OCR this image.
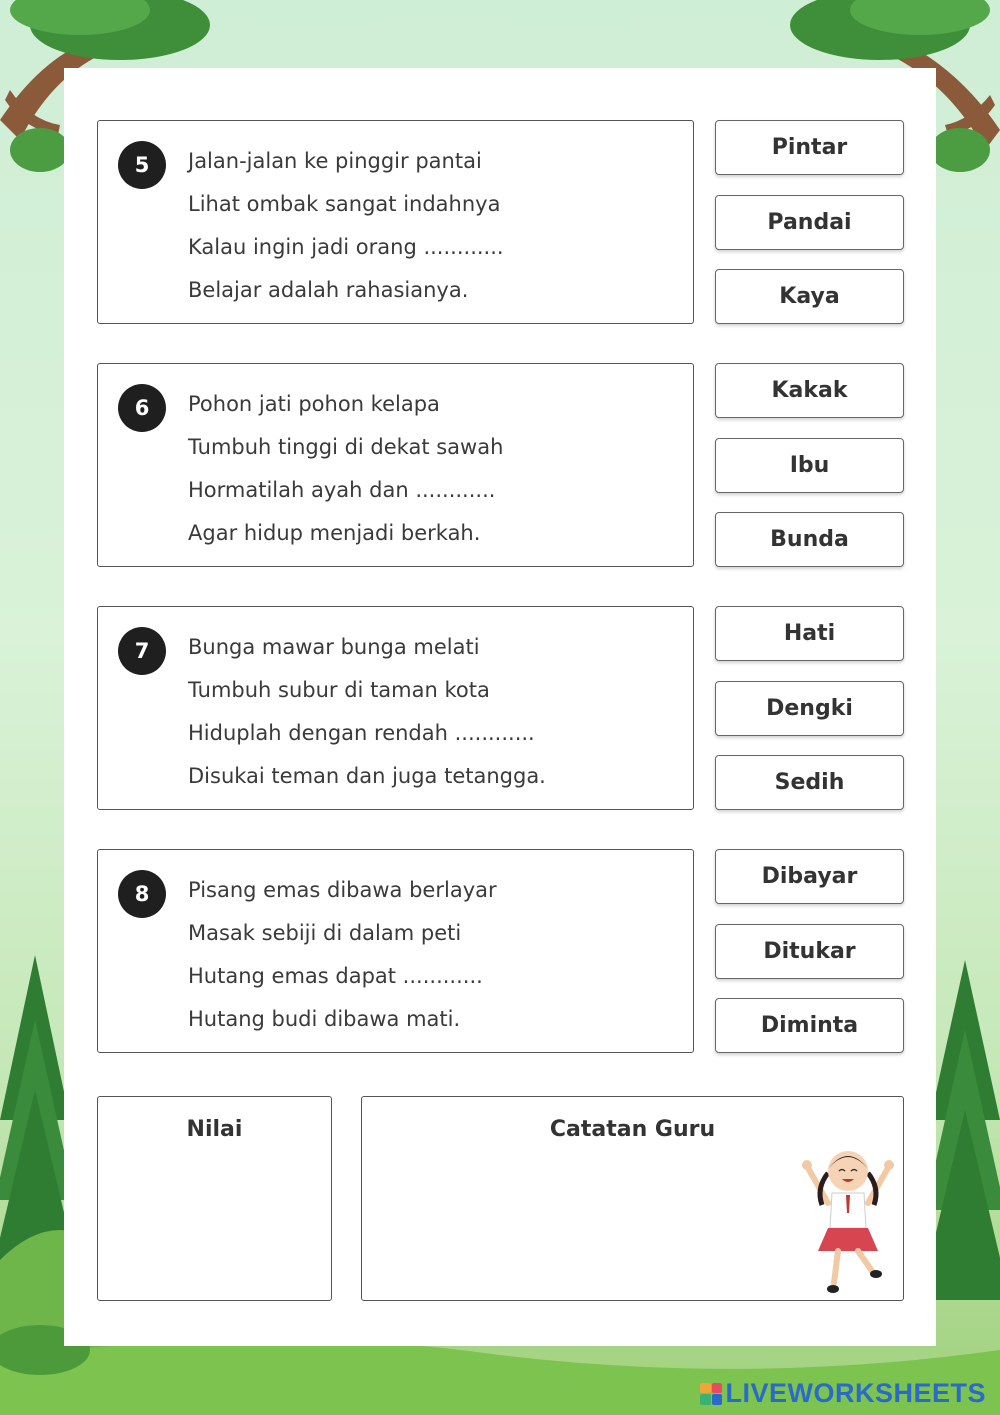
5	Jalan-jalan ke pinggir pantai
Lihat ombak sangat indahnya
Kalau ingin jadi orang ............
Belajar adalah rahasianya.
Pintar
Pandai
Kaya
6	Pohon jati pohon kelapa
Tumbuh tinggi di dekat sawah
Hormatilah ayah dan ............
Agar hidup menjadi berkah.
Kakak
Ibu
Bunda
7	Bunga mawar bunga melati
Tumbuh subur di taman kota
Hiduplah dengan rendah ............
Disukai teman dan juga tetangga.
Hati
Dengki
Sedih
8	Pisang emas dibawa berlayar
Masak sebiji di dalam peti
Hutang emas dapat ............
Hutang budi dibawa mati.
Dibayar
Ditukar
Diminta
Nilai	Catatan Guru
LIVEWORKSHEETS
